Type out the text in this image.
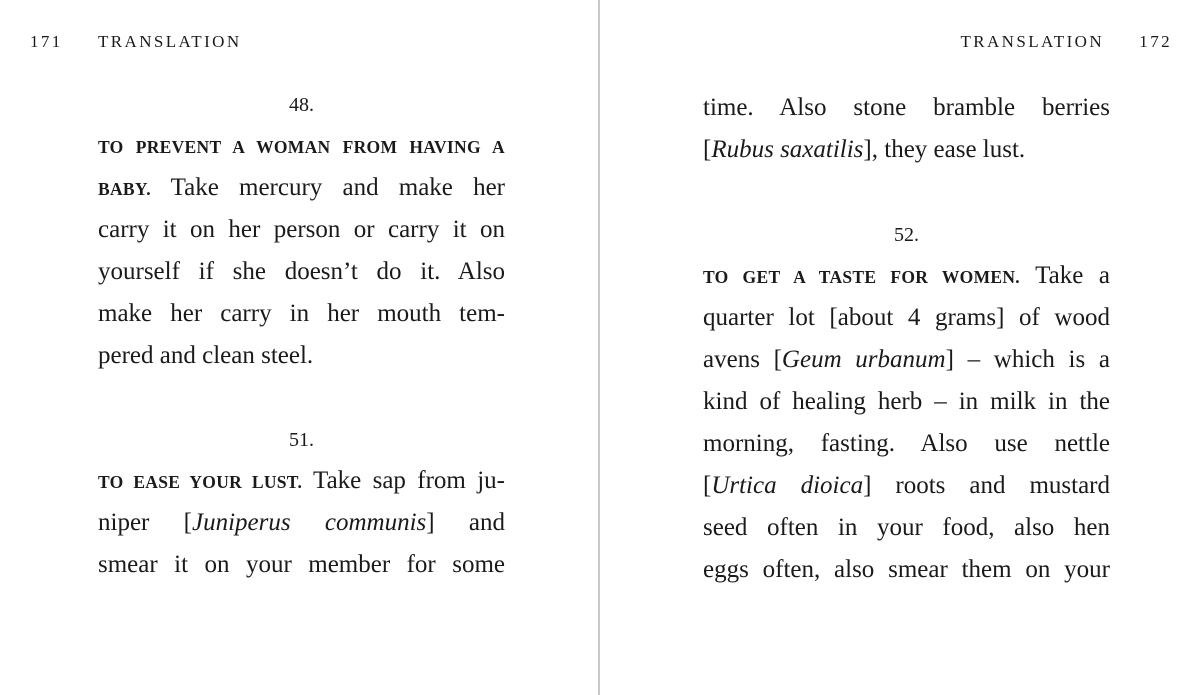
171 TRANSLATION
48.
TO PREVENT A WOMAN FROM HAVING A
BABY. Take mercury and make her
carry it on her person or carry it on
yourself if she doesn’t do it. Also
make her carry in her mouth tem-
pered and clean steel.
51.
TO EASE YOUR LUST. Take sap from ju-
niper [Juniperus communis] and
smear it on your member for some
TRANSLATION 172
time. Also stone bramble berries
[Rubus saxatilis], they ease lust.
52.
TO GET A TASTE FOR WOMEN. Take a
quarter lot [about 4 grams] of wood
avens [Geum urbanum] – which is a
kind of healing herb – in milk in the
morning, fasting. Also use nettle
[Urtica dioica] roots and mustard
seed often in your food, also hen
eggs often, also smear them on your
